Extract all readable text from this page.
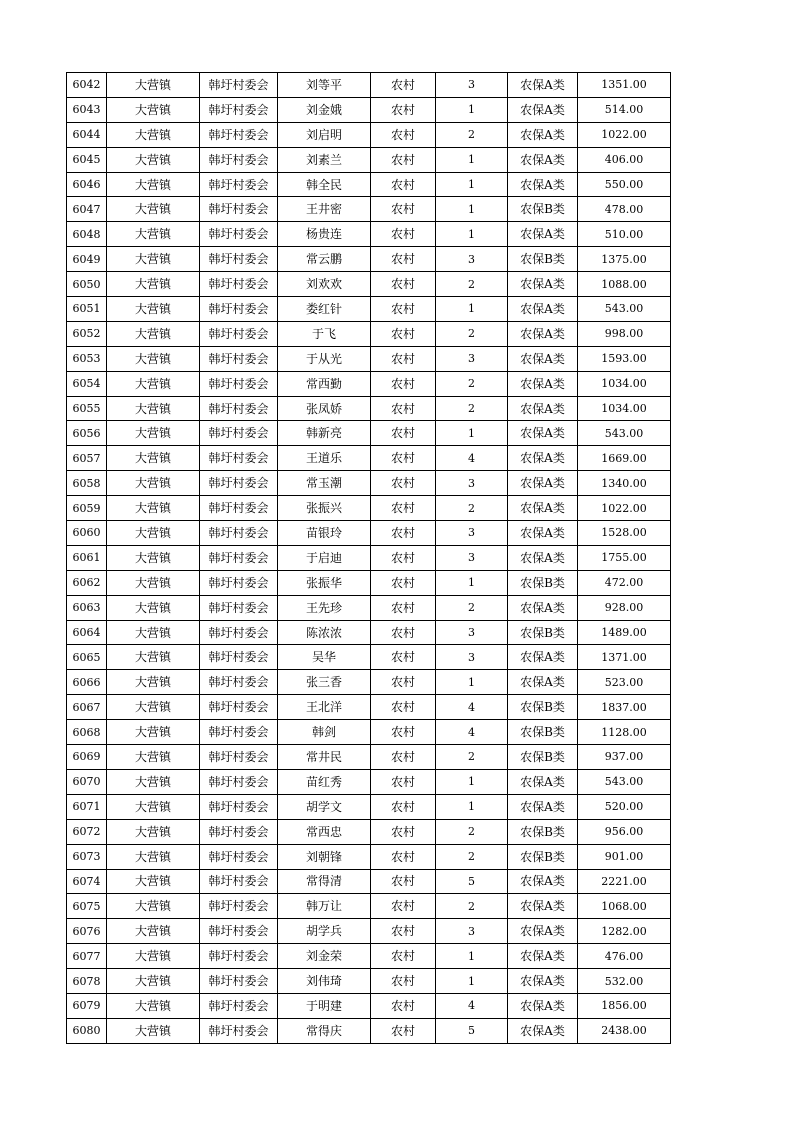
6042	大营镇	韩圩村委会	刘等平	农村	3	农保A类	1351.00
6043	大营镇	韩圩村委会	刘金娥	农村	1	农保A类	514.00
6044	大营镇	韩圩村委会	刘启明	农村	2	农保A类	1022.00
6045	大营镇	韩圩村委会	刘素兰	农村	1	农保A类	406.00
6046	大营镇	韩圩村委会	韩全民	农村	1	农保A类	550.00
6047	大营镇	韩圩村委会	王井密	农村	1	农保B类	478.00
6048	大营镇	韩圩村委会	杨贵连	农村	1	农保A类	510.00
6049	大营镇	韩圩村委会	常云鹏	农村	3	农保B类	1375.00
6050	大营镇	韩圩村委会	刘欢欢	农村	2	农保A类	1088.00
6051	大营镇	韩圩村委会	娄红针	农村	1	农保A类	543.00
6052	大营镇	韩圩村委会	于飞	农村	2	农保A类	998.00
6053	大营镇	韩圩村委会	于从光	农村	3	农保A类	1593.00
6054	大营镇	韩圩村委会	常西勤	农村	2	农保A类	1034.00
6055	大营镇	韩圩村委会	张凤娇	农村	2	农保A类	1034.00
6056	大营镇	韩圩村委会	韩新亮	农村	1	农保A类	543.00
6057	大营镇	韩圩村委会	王道乐	农村	4	农保A类	1669.00
6058	大营镇	韩圩村委会	常玉潮	农村	3	农保A类	1340.00
6059	大营镇	韩圩村委会	张振兴	农村	2	农保A类	1022.00
6060	大营镇	韩圩村委会	苗银玲	农村	3	农保A类	1528.00
6061	大营镇	韩圩村委会	于启迪	农村	3	农保A类	1755.00
6062	大营镇	韩圩村委会	张振华	农村	1	农保B类	472.00
6063	大营镇	韩圩村委会	王先珍	农村	2	农保A类	928.00
6064	大营镇	韩圩村委会	陈浓浓	农村	3	农保B类	1489.00
6065	大营镇	韩圩村委会	吴华	农村	3	农保A类	1371.00
6066	大营镇	韩圩村委会	张三香	农村	1	农保A类	523.00
6067	大营镇	韩圩村委会	王北洋	农村	4	农保B类	1837.00
6068	大营镇	韩圩村委会	韩剑	农村	4	农保B类	1128.00
6069	大营镇	韩圩村委会	常井民	农村	2	农保B类	937.00
6070	大营镇	韩圩村委会	苗红秀	农村	1	农保A类	543.00
6071	大营镇	韩圩村委会	胡学文	农村	1	农保A类	520.00
6072	大营镇	韩圩村委会	常西忠	农村	2	农保B类	956.00
6073	大营镇	韩圩村委会	刘朝锋	农村	2	农保B类	901.00
6074	大营镇	韩圩村委会	常得清	农村	5	农保A类	2221.00
6075	大营镇	韩圩村委会	韩万让	农村	2	农保A类	1068.00
6076	大营镇	韩圩村委会	胡学兵	农村	3	农保A类	1282.00
6077	大营镇	韩圩村委会	刘金荣	农村	1	农保A类	476.00
6078	大营镇	韩圩村委会	刘伟琦	农村	1	农保A类	532.00
6079	大营镇	韩圩村委会	于明建	农村	4	农保A类	1856.00
6080	大营镇	韩圩村委会	常得庆	农村	5	农保A类	2438.00
